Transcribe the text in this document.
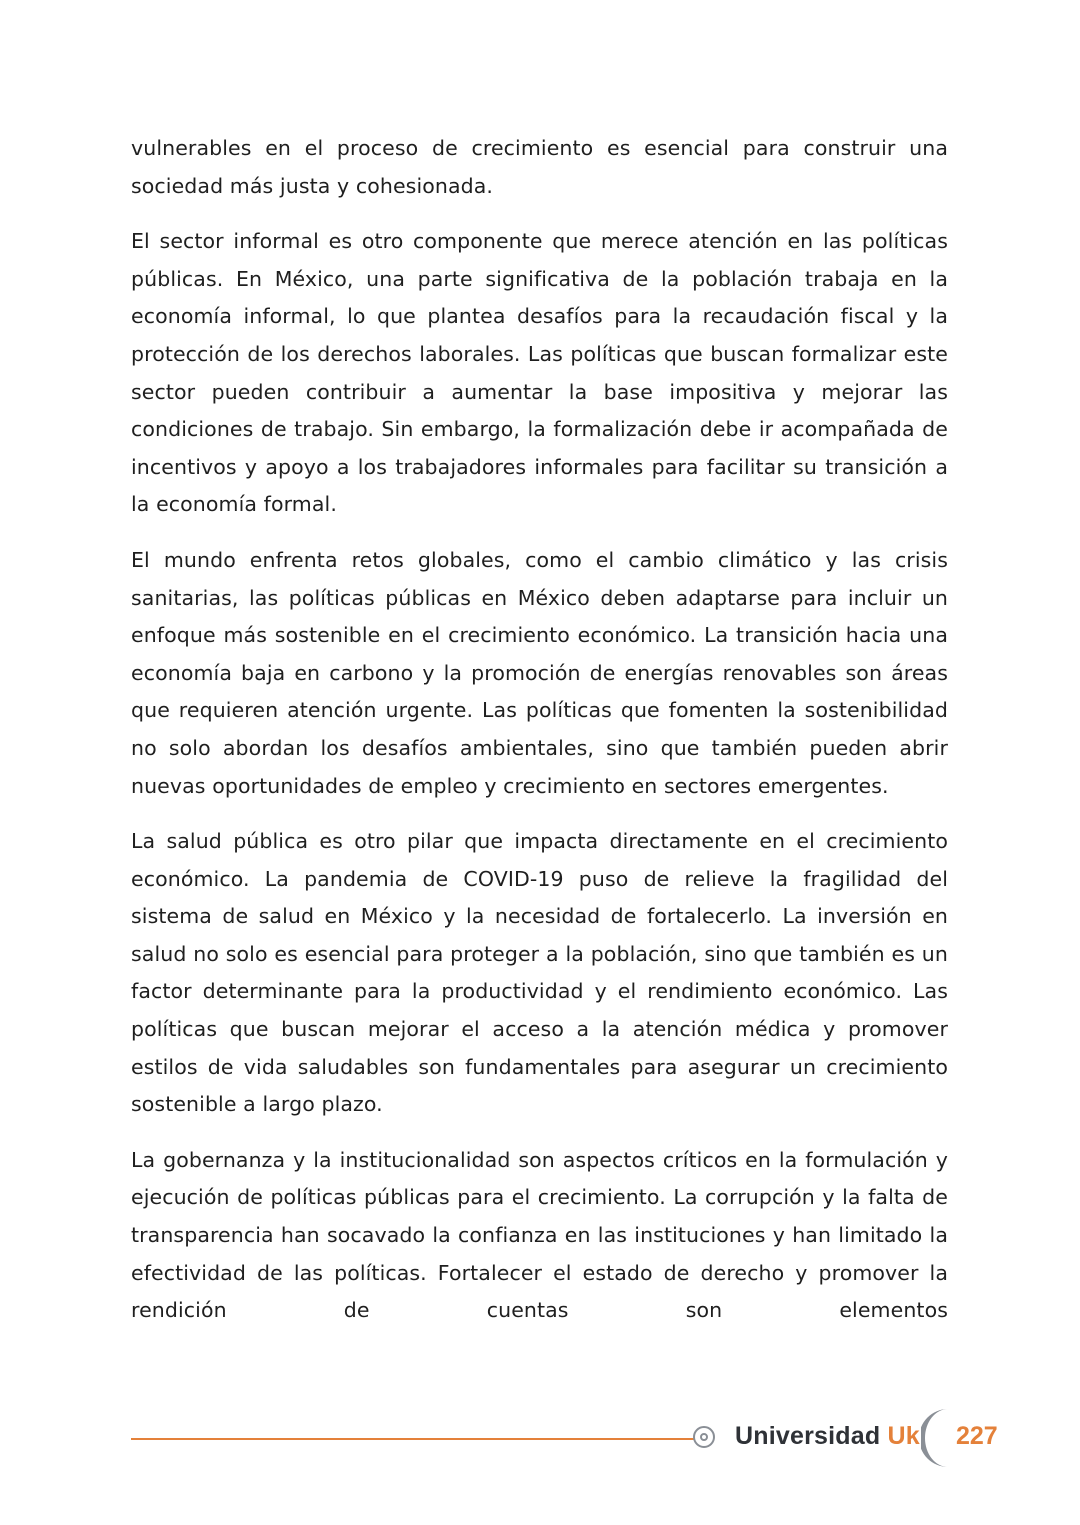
vulnerables en el proceso de crecimiento es esencial para construir una sociedad más justa y cohesionada.

El sector informal es otro componente que merece atención en las políticas públicas. En México, una parte significativa de la población trabaja en la economía informal, lo que plantea desafíos para la recaudación fiscal y la protección de los derechos laborales. Las políticas que buscan formalizar este sector pueden contribuir a aumentar la base impositiva y mejorar las condiciones de trabajo. Sin embargo, la formalización debe ir acompañada de incentivos y apoyo a los trabajadores informales para facilitar su transición a la economía formal.

El mundo enfrenta retos globales, como el cambio climático y las crisis sanitarias, las políticas públicas en México deben adaptarse para incluir un enfoque más sostenible en el crecimiento económico. La transición hacia una economía baja en carbono y la promoción de energías renovables son áreas que requieren atención urgente. Las políticas que fomenten la sostenibilidad no solo abordan los desafíos ambientales, sino que también pueden abrir nuevas oportunidades de empleo y crecimiento en sectores emergentes.

La salud pública es otro pilar que impacta directamente en el crecimiento económico. La pandemia de COVID-19 puso de relieve la fragilidad del sistema de salud en México y la necesidad de fortalecerlo. La inversión en salud no solo es esencial para proteger a la población, sino que también es un factor determinante para la productividad y el rendimiento económico. Las políticas que buscan mejorar el acceso a la atención médica y promover estilos de vida saludables son fundamentales para asegurar un crecimiento sostenible a largo plazo.

La gobernanza y la institucionalidad son aspectos críticos en la formulación y ejecución de políticas públicas para el crecimiento. La corrupción y la falta de transparencia han socavado la confianza en las instituciones y han limitado la efectividad de las políticas. Fortalecer el estado de derecho y promover la rendición de cuentas son elementos

Universidad Uk 227
